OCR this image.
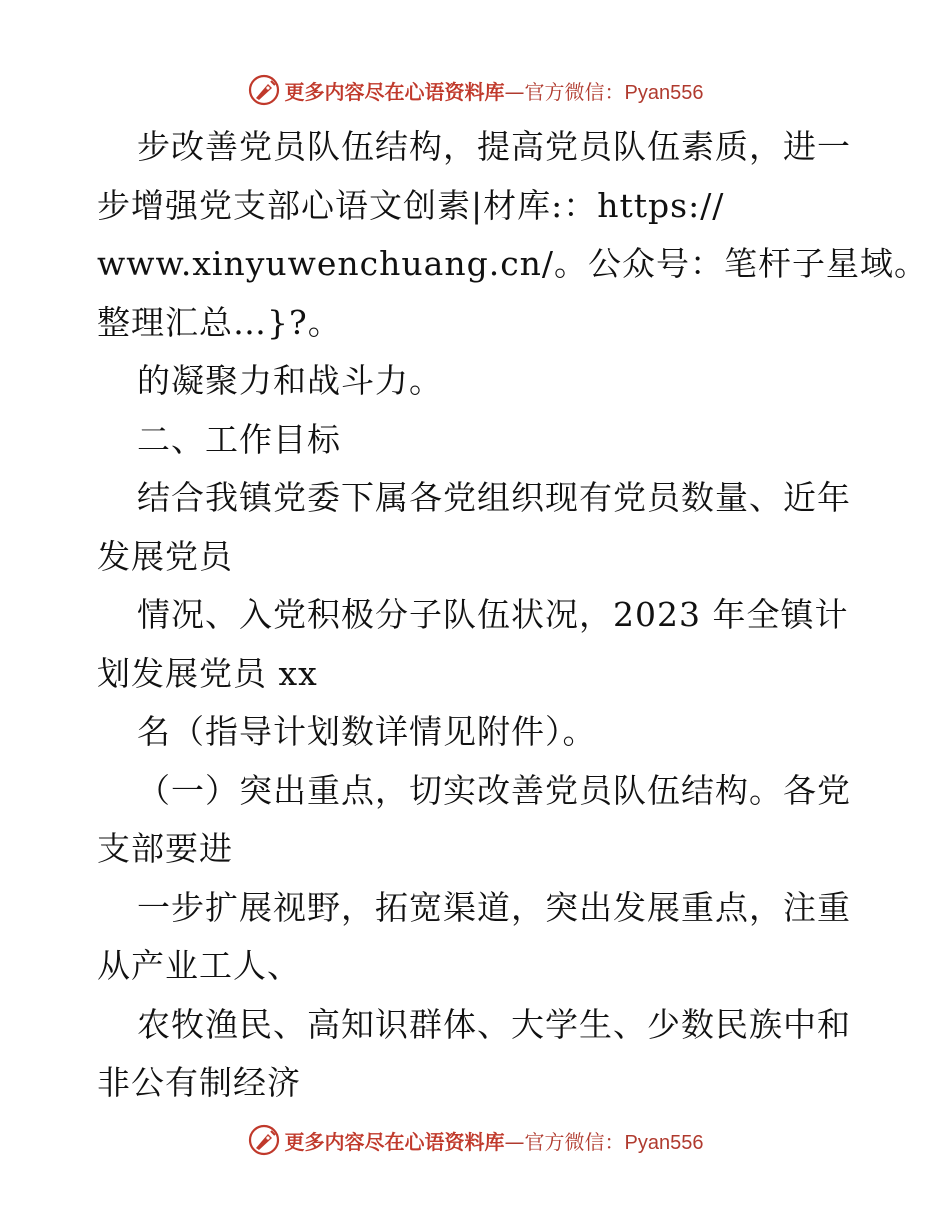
更多内容尽在心语资料库—官方微信：Pyan556
步改善党员队伍结构，提高党员队伍素质，进一
步增强党支部心语文创素|材库:：https://
www.xinyuwenchuang.cn/。公众号：笔杆子星域。
整理汇总…}?。
的凝聚力和战斗力。
二、工作目标
结合我镇党委下属各党组织现有党员数量、近年
发展党员
情况、入党积极分子队伍状况，2023 年全镇计
划发展党员 xx
名（指导计划数详情见附件）。
（一）突出重点，切实改善党员队伍结构。各党
支部要进
一步扩展视野，拓宽渠道，突出发展重点，注重
从产业工人、
农牧渔民、高知识群体、大学生、少数民族中和
非公有制经济
更多内容尽在心语资料库—官方微信：Pyan556
